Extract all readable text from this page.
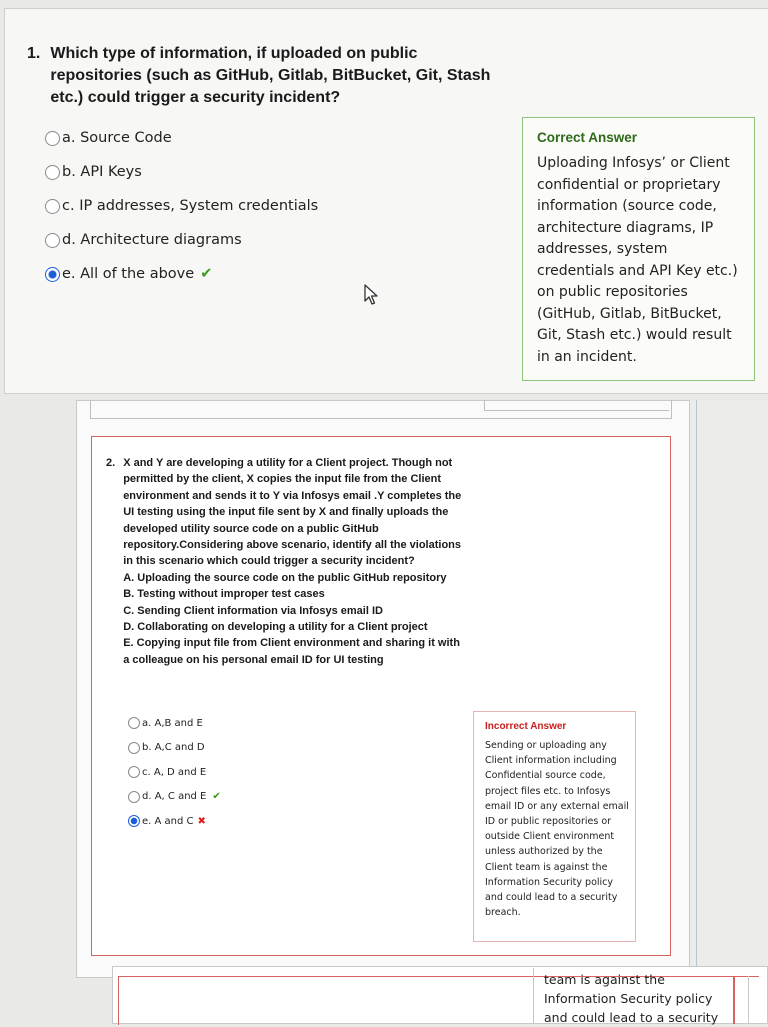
1. Which type of information, if uploaded on public repositories (such as GitHub, Gitlab, BitBucket, Git, Stash etc.) could trigger a security incident?
a. Source Code
b. API Keys
c. IP addresses, System credentials
d. Architecture diagrams
e. All of the above ✔
Correct Answer
Uploading Infosys’ or Client confidential or proprietary information (source code, architecture diagrams, IP addresses, system credentials and API Key etc.) on public repositories (GitHub, Gitlab, BitBucket, Git, Stash etc.) would result in an incident.
2. X and Y are developing a utility for a Client project. Though not permitted by the client, X copies the input file from the Client environment and sends it to Y via Infosys email .Y completes the UI testing using the input file sent by X and finally uploads the developed utility source code on a public GitHub repository.Considering above scenario, identify all the violations in this scenario which could trigger a security incident?
A. Uploading the source code on the public GitHub repository
B. Testing without improper test cases
C. Sending Client information via Infosys email ID
D. Collaborating on developing a utility for a Client project
E. Copying input file from Client environment and sharing it with a colleague on his personal email ID for UI testing
a. A,B and E
b. A,C and D
c. A, D and E
d. A, C and E ✔
e. A and C ✖
Incorrect Answer
Sending or uploading any Client information including Confidential source code, project files etc. to Infosys email ID or any external email ID or public repositories or outside Client environment unless authorized by the Client team is against the Information Security policy and could lead to a security breach.
team is against the Information Security policy and could lead to a security
